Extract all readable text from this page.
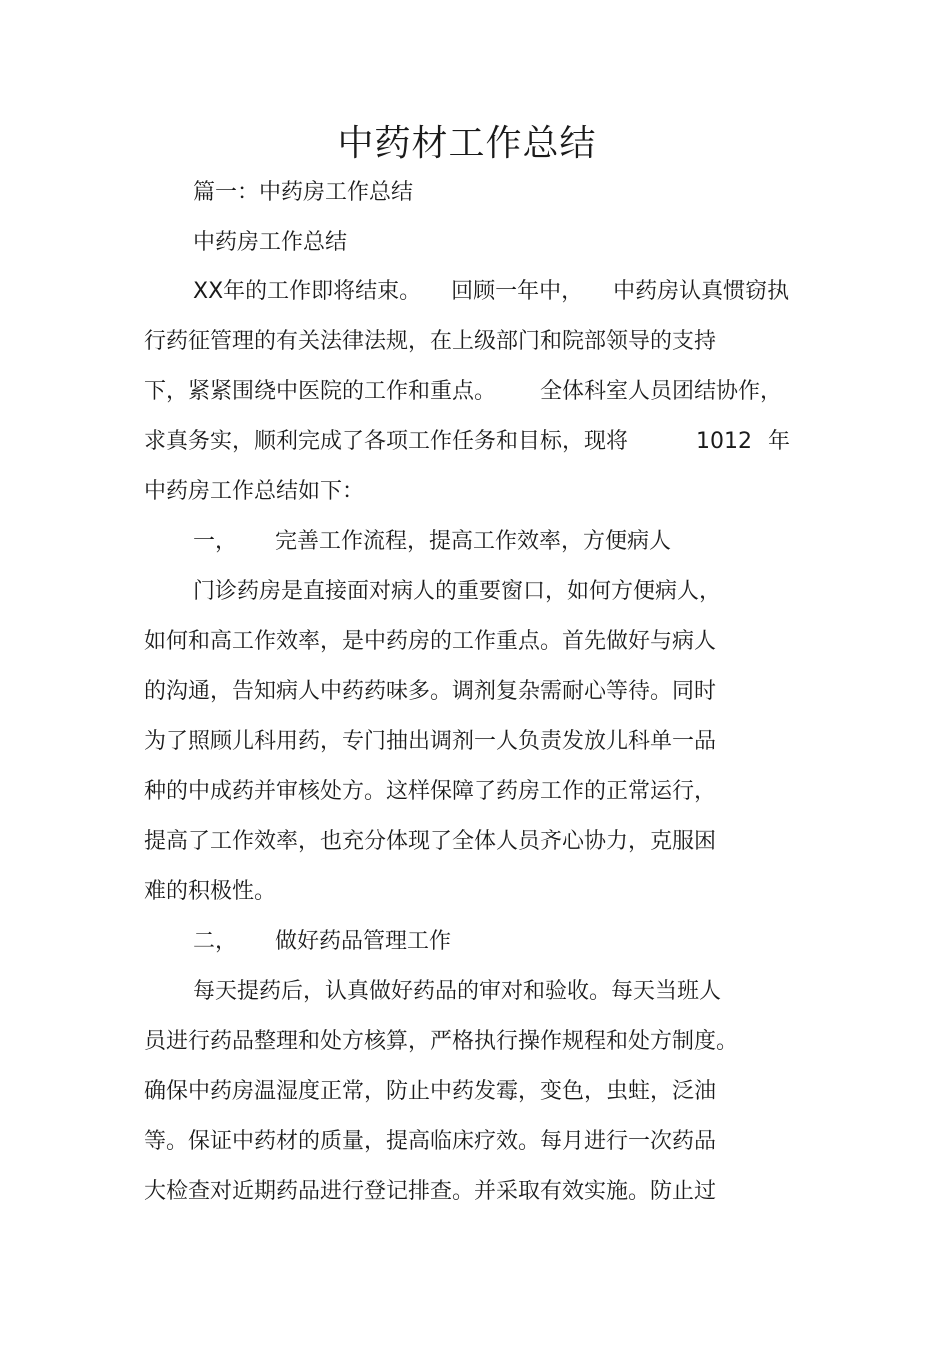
中药材工作总结
篇一：中药房工作总结
中药房工作总结
XX年的工作即将结束。 回顾一年中， 中药房认真惯窃执
行药征管理的有关法律法规，在上级部门和院部领导的支持
下，紧紧围绕中医院的工作和重点。 全体科室人员团结协作，
求真务实，顺利完成了各项工作任务和目标，现将	1012 年
中药房工作总结如下：
一， 完善工作流程，提高工作效率，方便病人
门诊药房是直接面对病人的重要窗口，如何方便病人，
如何和高工作效率，是中药房的工作重点。首先做好与病人
的沟通，告知病人中药药味多。调剂复杂需耐心等待。同时
为了照顾儿科用药，专门抽出调剂一人负责发放儿科单一品
种的中成药并审核处方。这样保障了药房工作的正常运行，
提高了工作效率，也充分体现了全体人员齐心协力，克服困
难的积极性。
二， 做好药品管理工作
每天提药后，认真做好药品的审对和验收。每天当班人
员进行药品整理和处方核算，严格执行操作规程和处方制度。
确保中药房温湿度正常，防止中药发霉，变色，虫蛀，泛油
等。保证中药材的质量，提高临床疗效。每月进行一次药品
大检查对近期药品进行登记排查。并采取有效实施。防止过
